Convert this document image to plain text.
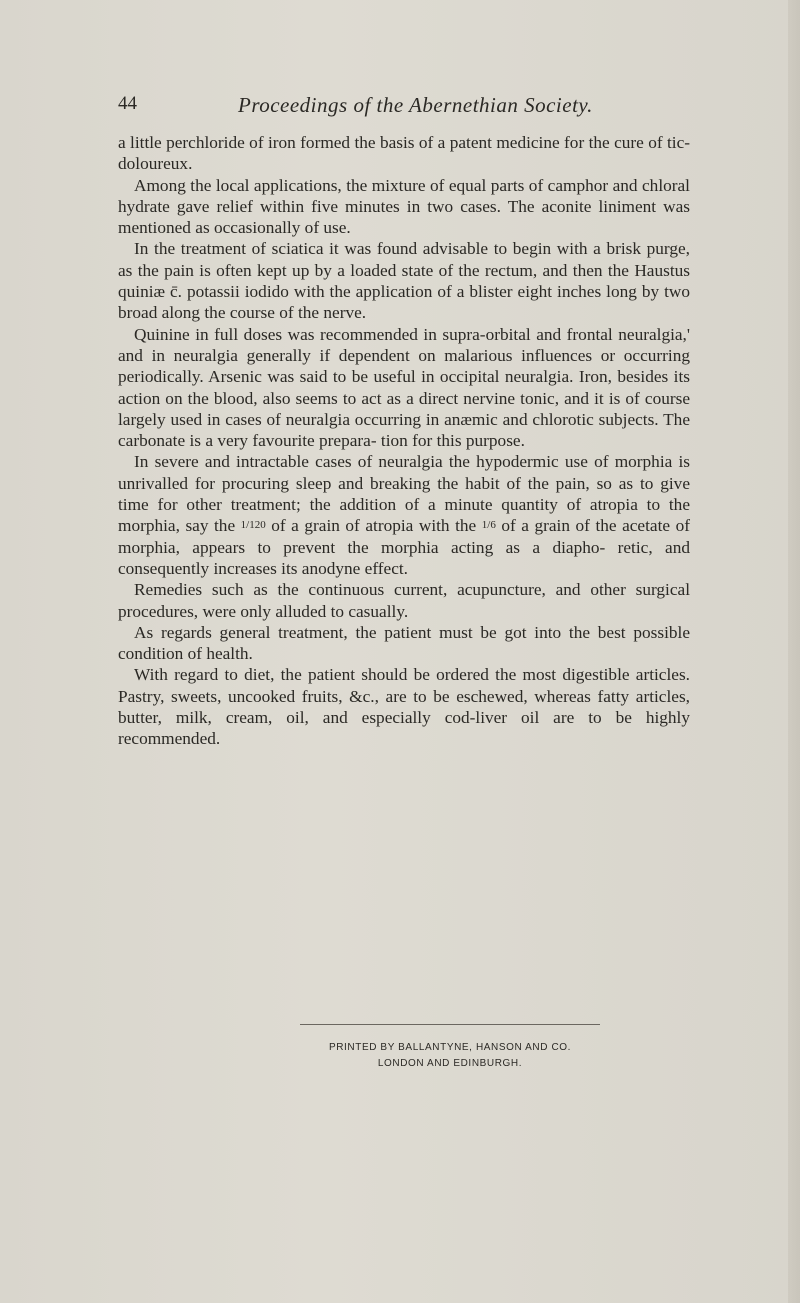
44	Proceedings of the Abernethian Society.

a little perchloride of iron formed the basis of a patent medicine for the cure of tic-doloureux.

Among the local applications, the mixture of equal parts of camphor and chloral hydrate gave relief within five minutes in two cases. The aconite liniment was mentioned as occasionally of use.

In the treatment of sciatica it was found advisable to begin with a brisk purge, as the pain is often kept up by a loaded state of the rectum, and then the Haustus quiniæ c̄. potassii iodido with the application of a blister eight inches long by two broad along the course of the nerve.

Quinine in full doses was recommended in supra-orbital and frontal neuralgia,' and in neuralgia generally if dependent on malarious influences or occurring periodically. Arsenic was said to be useful in occipital neuralgia. Iron, besides its action on the blood, also seems to act as a direct nervine tonic, and it is of course largely used in cases of neuralgia occurring in anæmic and chlorotic subjects. The carbonate is a very favourite prepara- tion for this purpose.

In severe and intractable cases of neuralgia the hypodermic use of morphia is unrivalled for procuring sleep and breaking the habit of the pain, so as to give time for other treatment; the addition of a minute quantity of atropia to the morphia, say the 1/120 of a grain of atropia with the 1/6 of a grain of the acetate of morphia, appears to prevent the morphia acting as a diapho- retic, and consequently increases its anodyne effect.

Remedies such as the continuous current, acupuncture, and other surgical procedures, were only alluded to casually.

As regards general treatment, the patient must be got into the best possible condition of health.

With regard to diet, the patient should be ordered the most digestible articles. Pastry, sweets, uncooked fruits, &c., are to be eschewed, whereas fatty articles, butter, milk, cream, oil, and especially cod-liver oil are to be highly recommended.

PRINTED BY BALLANTYNE, HANSON AND CO.
LONDON AND EDINBURGH.
